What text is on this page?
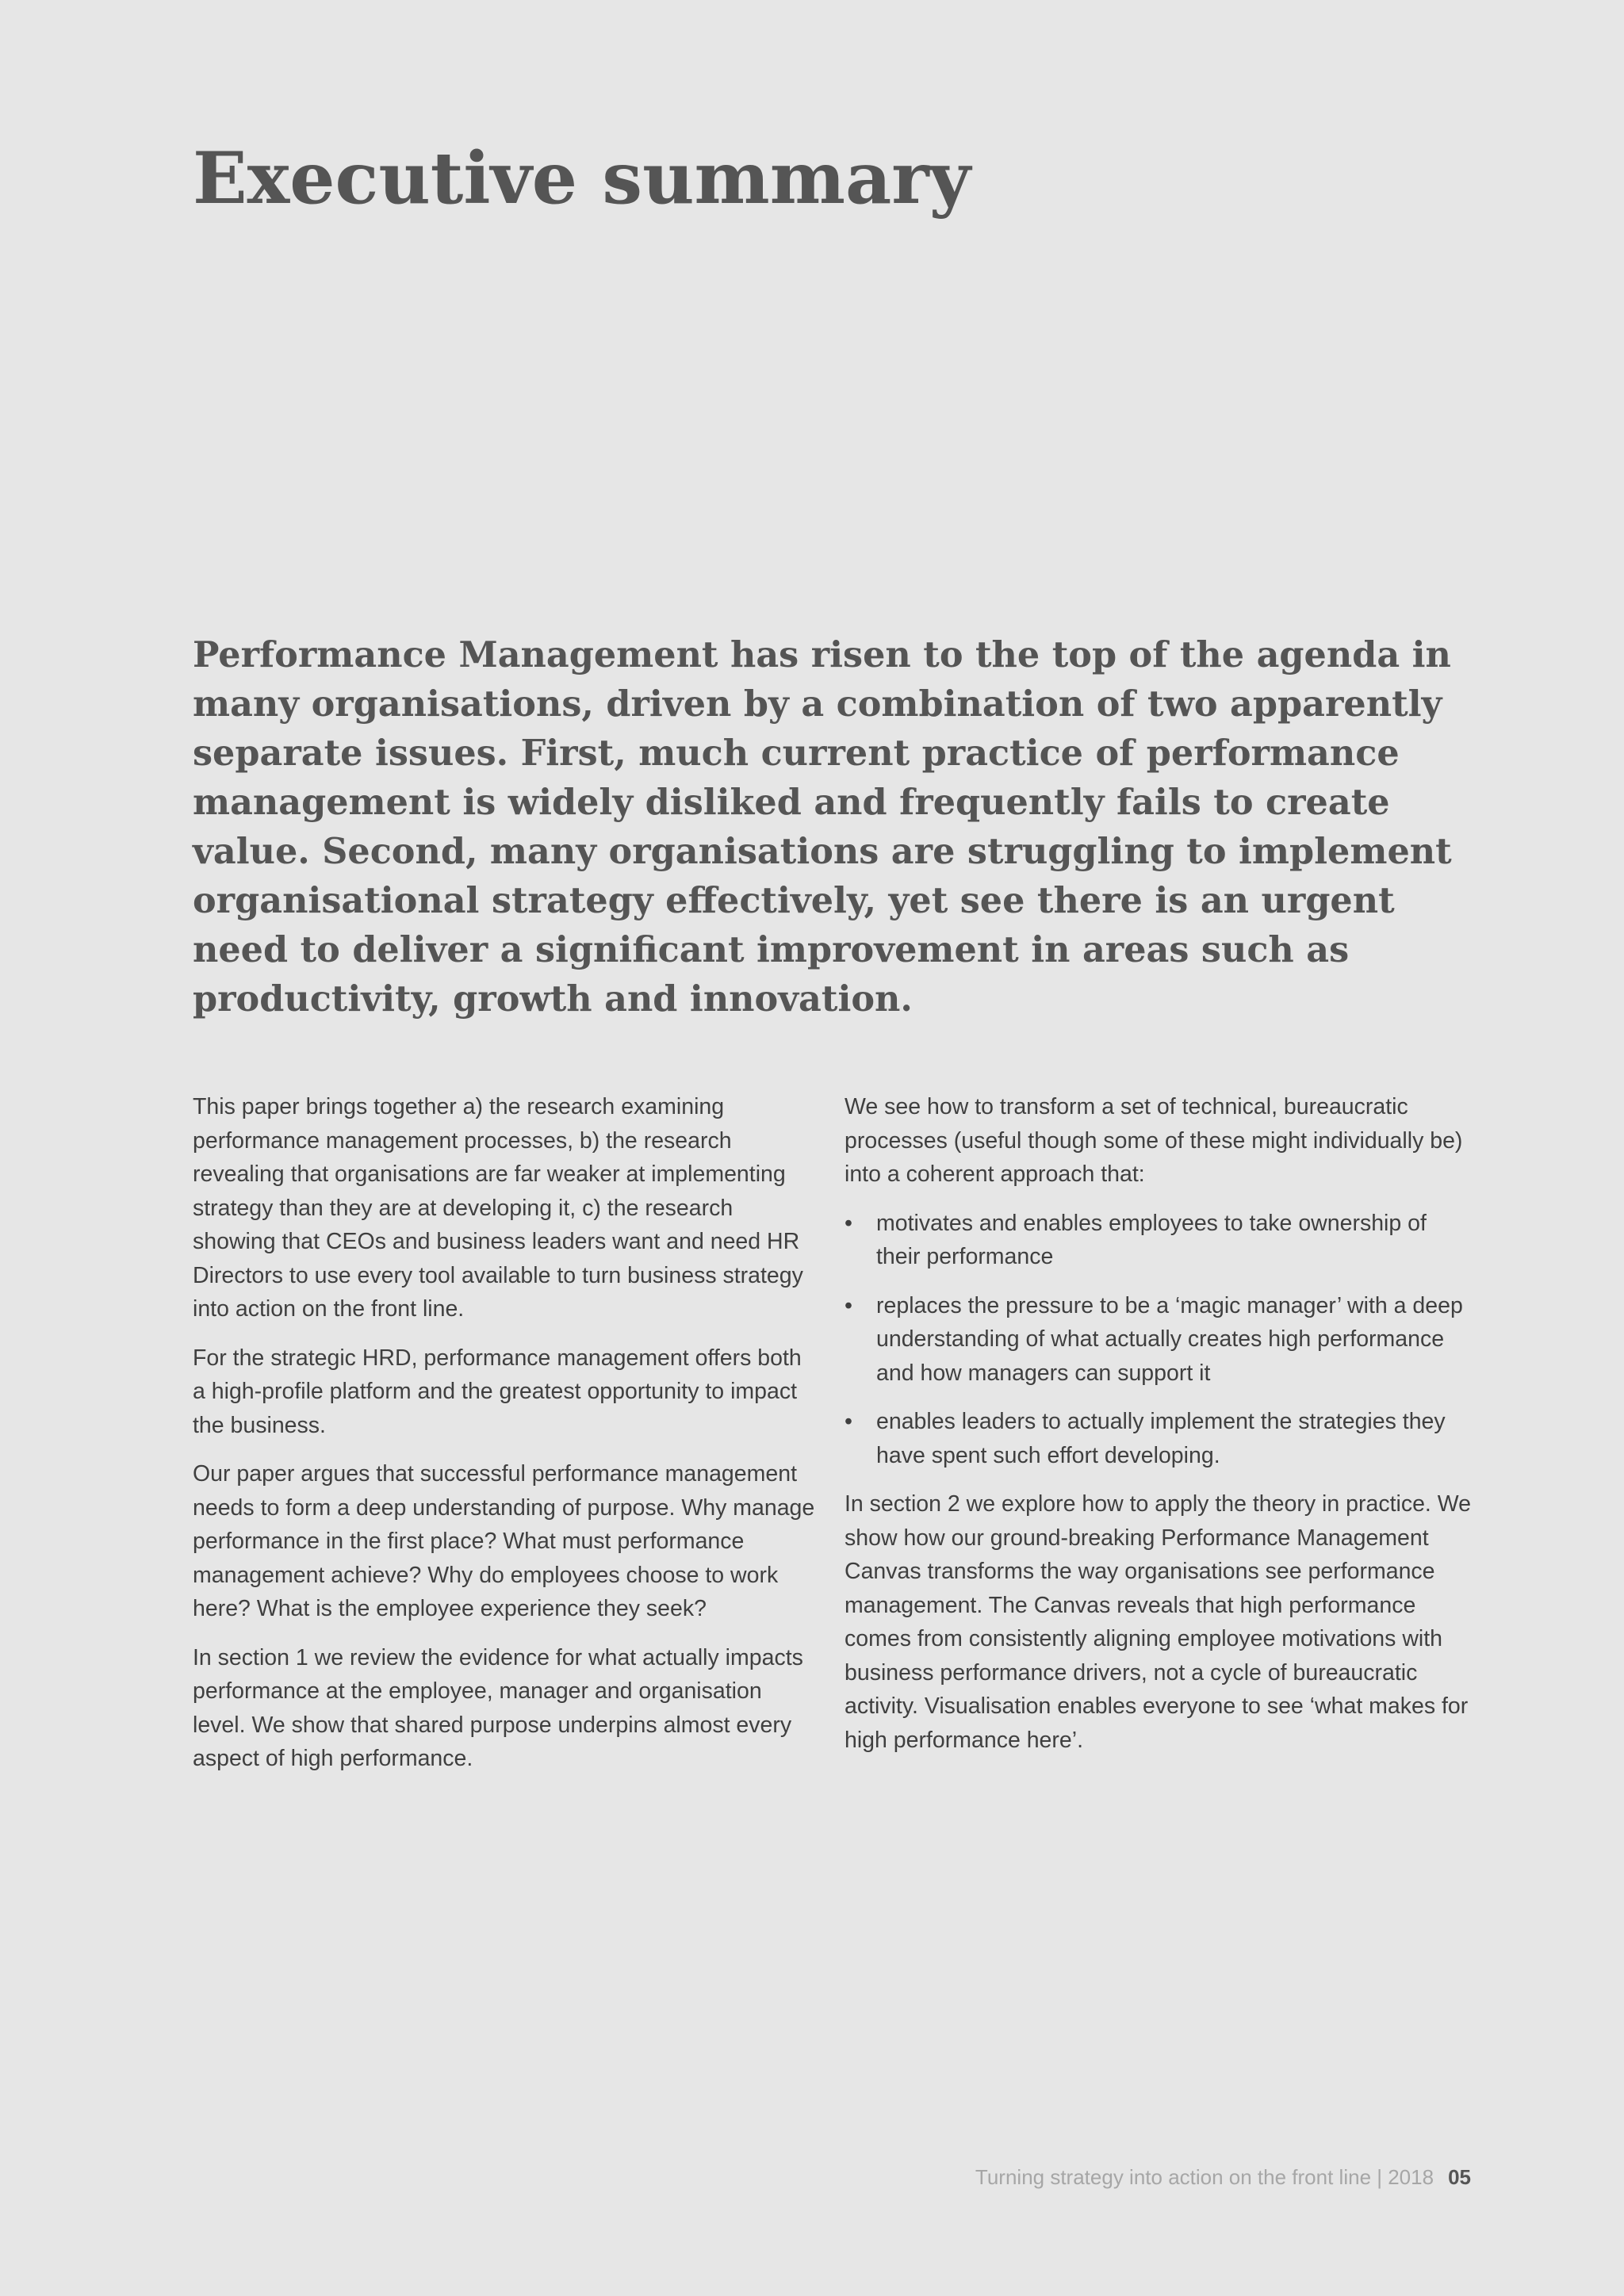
Executive summary

Performance Management has risen to the top of the agenda in many organisations, driven by a combination of two apparently separate issues. First, much current practice of performance management is widely disliked and frequently fails to create value. Second, many organisations are struggling to implement organisational strategy effectively, yet see there is an urgent need to deliver a significant improvement in areas such as productivity, growth and innovation.

This paper brings together a) the research examining performance management processes, b) the research revealing that organisations are far weaker at implementing strategy than they are at developing it, c) the research showing that CEOs and business leaders want and need HR Directors to use every tool available to turn business strategy into action on the front line.

For the strategic HRD, performance management offers both a high-profile platform and the greatest opportunity to impact the business.

Our paper argues that successful performance management needs to form a deep understanding of purpose. Why manage performance in the first place? What must performance management achieve? Why do employees choose to work here? What is the employee experience they seek?

In section 1 we review the evidence for what actually impacts performance at the employee, manager and organisation level. We show that shared purpose underpins almost every aspect of high performance.

We see how to transform a set of technical, bureaucratic processes (useful though some of these might individually be) into a coherent approach that:

• motivates and enables employees to take ownership of their performance
• replaces the pressure to be a ‘magic manager’ with a deep understanding of what actually creates high performance and how managers can support it
• enables leaders to actually implement the strategies they have spent such effort developing.

In section 2 we explore how to apply the theory in practice. We show how our ground-breaking Performance Management Canvas transforms the way organisations see performance management. The Canvas reveals that high performance comes from consistently aligning employee motivations with business performance drivers, not a cycle of bureaucratic activity. Visualisation enables everyone to see ‘what makes for high performance here’.

Turning strategy into action on the front line | 2018 05
